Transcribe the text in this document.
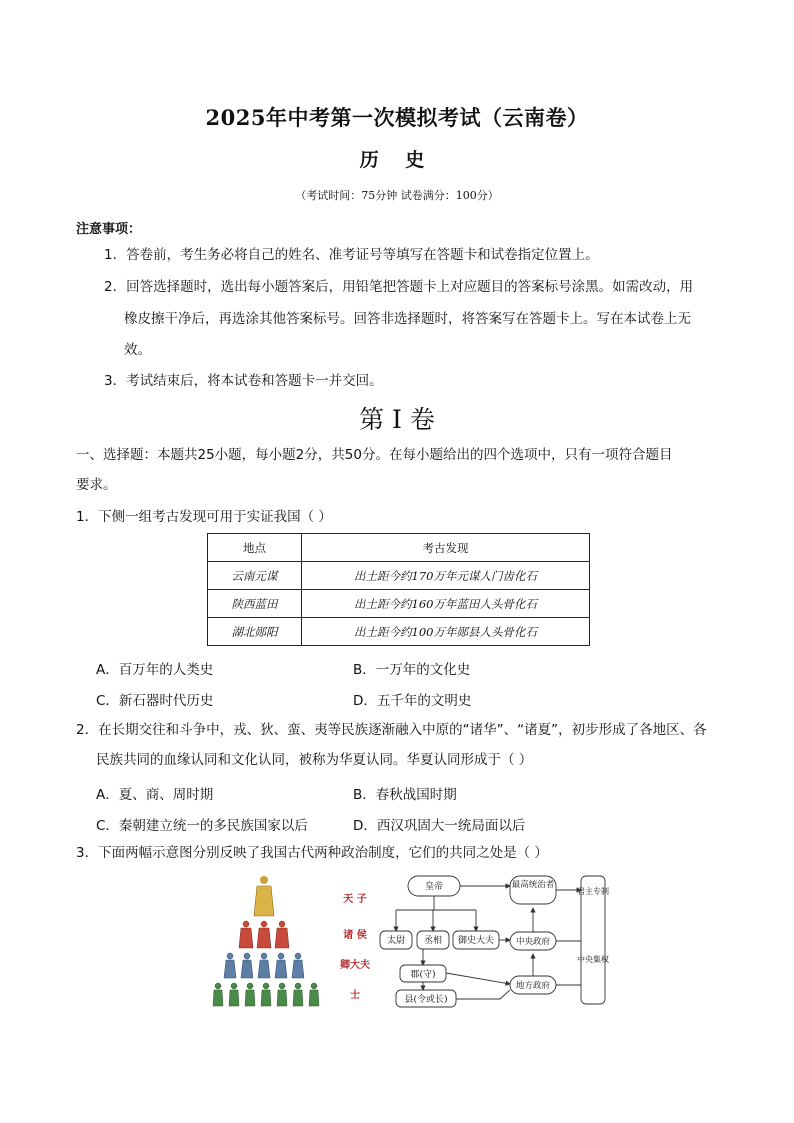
2025年中考第一次模拟考试（云南卷）
历 史
（考试时间：75分钟 试卷满分：100分）
注意事项：
1．答卷前，考生务必将自己的姓名、准考证号等填写在答题卡和试卷指定位置上。
2．回答选择题时，选出每小题答案后，用铅笔把答题卡上对应题目的答案标号涂黑。如需改动，用
橡皮擦干净后，再选涂其他答案标号。回答非选择题时，将答案写在答题卡上。写在本试卷上无
效。
3．考试结束后，将本试卷和答题卡一并交回。
第 I 卷
一、选择题：本题共25小题，每小题2分，共50分。在每小题给出的四个选项中，只有一项符合题目
要求。
1．下侧一组考古发现可用于实证我国（ ）
地点	考古发现
云南元谋	出土距今约170万年元谋人门齿化石
陕西蓝田	出土距今约160万年蓝田人头骨化石
湖北郧阳	出土距今约100万年郧县人头骨化石
A．百万年的人类史	B．一万年的文化史
C．新石器时代历史	D．五千年的文明史
2．在长期交往和斗争中，戎、狄、蛮、夷等民族逐渐融入中原的“诸华”、“诸夏”，初步形成了各地区、各
民族共同的血缘认同和文化认同，被称为华夏认同。华夏认同形成于（ ）
A．夏、商、周时期	B．春秋战国时期
C．秦朝建立统一的多民族国家以后	D．西汉巩固大一统局面以后
3．下面两幅示意图分别反映了我国古代两种政治制度，它们的共同之处是（ ）
天 子
诸 侯
卿大夫
士
皇帝
太尉 丞相 御史大夫
郡(守)
县(令或长)
最高统治者
中央政府
地方政府
君主专制
中央集权
